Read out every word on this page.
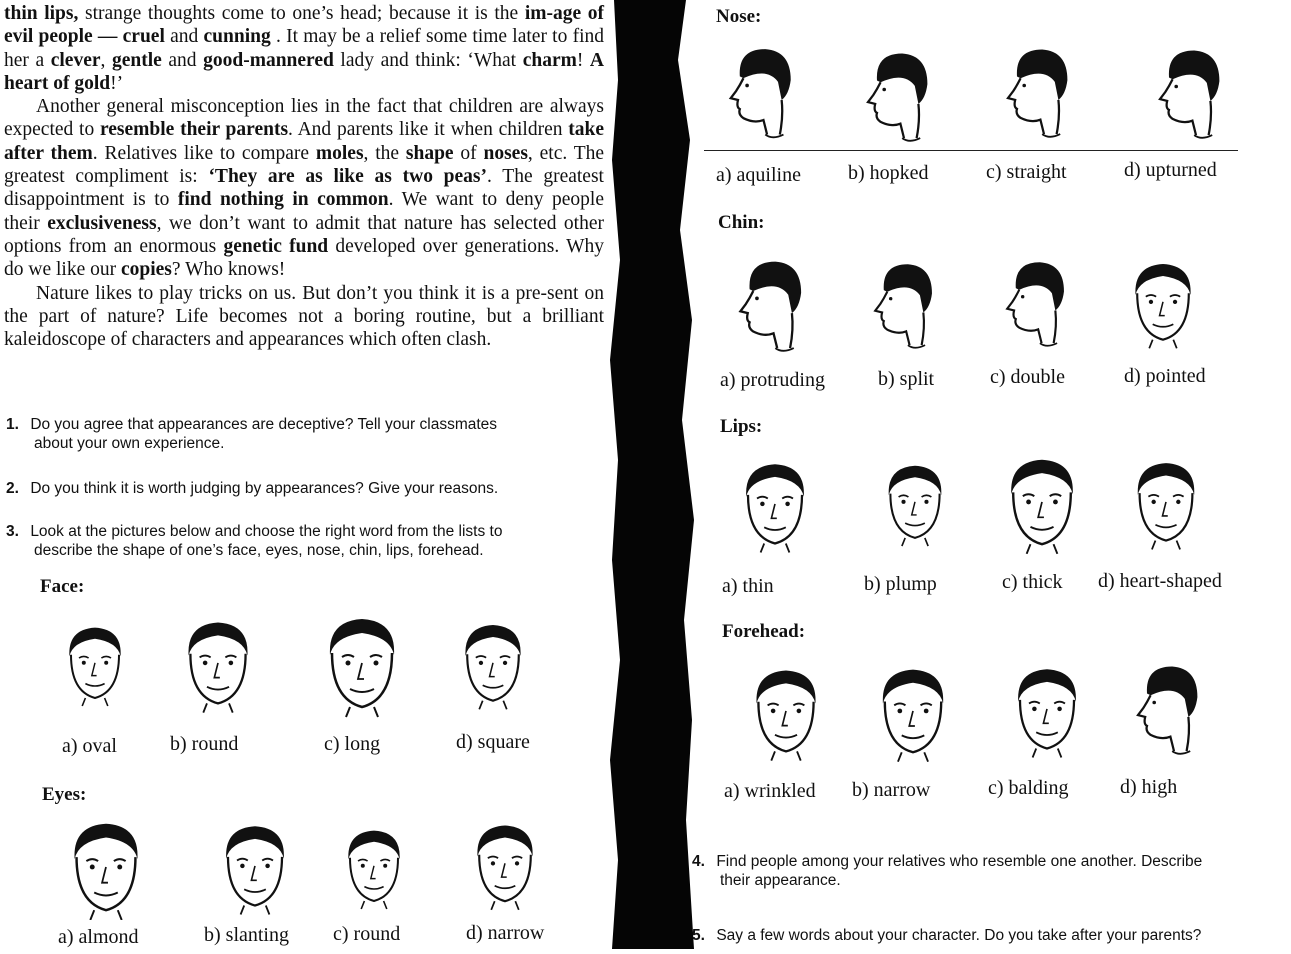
thin lips, strange thoughts come to one’s head; because it is the im-age of evil people — cruel and cunning . It may be a relief some time later to find her a clever, gentle and good-mannered lady and think: ‘What charm! A heart of gold!’

Another general misconception lies in the fact that children are always expected to resemble their parents. And parents like it when children take after them. Relatives like to compare moles, the shape of noses, etc. The greatest compliment is: ‘They are as like as two peas’. The greatest disappointment is to find nothing in common. We want to deny people their exclusiveness, we don’t want to admit that nature has selected other options from an enormous genetic fund developed over generations. Why do we like our copies? Who knows!

Nature likes to play tricks on us. But don’t you think it is a pre-sent on the part of nature? Life becomes not a boring routine, but a brilliant kaleidoscope of characters and appearances which often clash.

1. Do you agree that appearances are deceptive? Tell your classmates
about your own experience.
2. Do you think it is worth judging by appearances? Give your reasons.
3. Look at the pictures below and choose the right word from the lists to
describe the shape of one’s face, eyes, nose, chin, lips, forehead.
Face:
a) oval	b) round	c) long	d) square
Eyes:
a) almond	b) slanting c) round	d) narrow
Nose:
a) aquiline b) hopked	c) straight	d) upturned
Chin:
a) protruding	b) split	c) double	d) pointed
Lips:
a) thin	b) plump	c) thick d) heart-shaped
Forehead:
a) wrinkled b) narrow	c) balding	d) high
4. Find people among your relatives who resemble one another. Describe
their appearance.
5. Say a few words about your character. Do you take after your parents?
